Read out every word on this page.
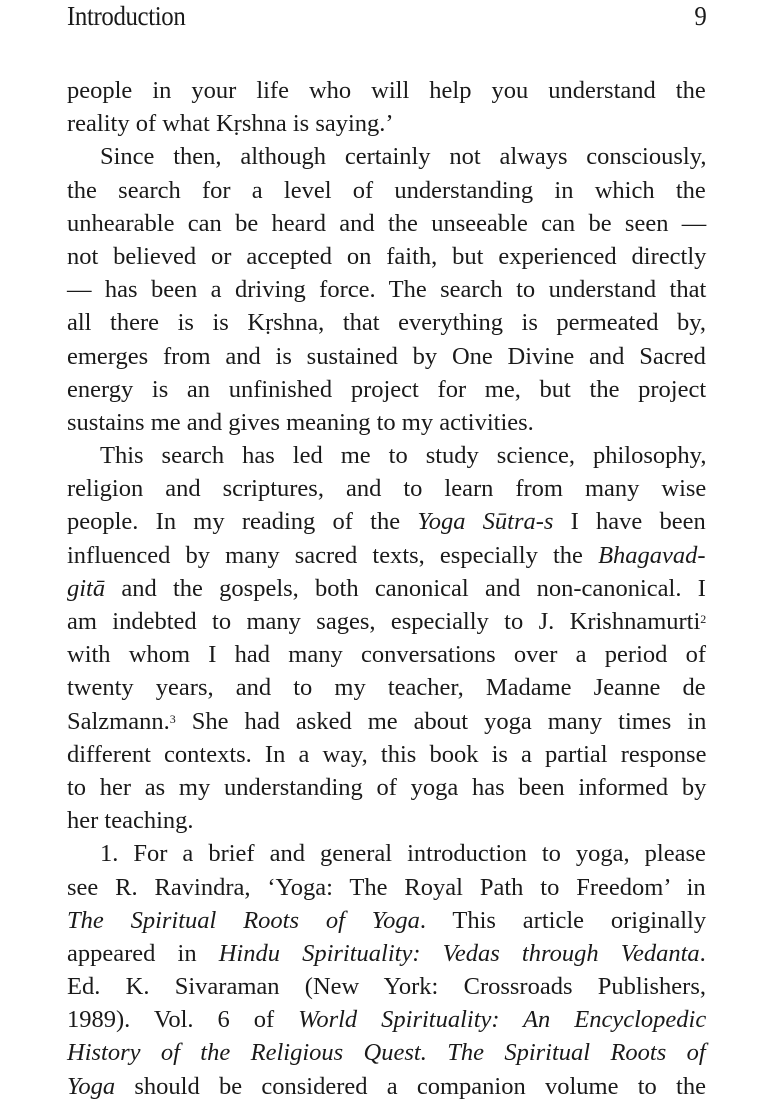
Introduction	9
people in your life who will help you understand the
reality of what Kṛshna is saying.’
Since then, although certainly not always consciously,
the search for a level of understanding in which the
unhearable can be heard and the unseeable can be seen —
not believed or accepted on faith, but experienced directly
— has been a driving force. The search to understand that
all there is is Kṛshna, that everything is permeated by,
emerges from and is sustained by One Divine and Sacred
energy is an unfinished project for me, but the project
sustains me and gives meaning to my activities.
This search has led me to study science, philosophy,
religion and scriptures, and to learn from many wise
people. In my reading of the Yoga Sūtra-s I have been
influenced by many sacred texts, especially the Bhagavad-
gitā and the gospels, both canonical and non-canonical. I
am indebted to many sages, especially to J. Krishnamurti$^2$
with whom I had many conversations over a period of
twenty years, and to my teacher, Madame Jeanne de
Salzmann.$^3$ She had asked me about yoga many times in
different contexts. In a way, this book is a partial response
to her as my understanding of yoga has been informed by
her teaching.
1. For a brief and general introduction to yoga, please
see R. Ravindra, ‘Yoga: The Royal Path to Freedom’ in
The Spiritual Roots of Yoga. This article originally
appeared in Hindu Spirituality: Vedas through Vedanta.
Ed. K. Sivaraman (New York: Crossroads Publishers,
1989). Vol. 6 of World Spirituality: An Encyclopedic
History of the Religious Quest. The Spiritual Roots of
Yoga should be considered a companion volume to the
